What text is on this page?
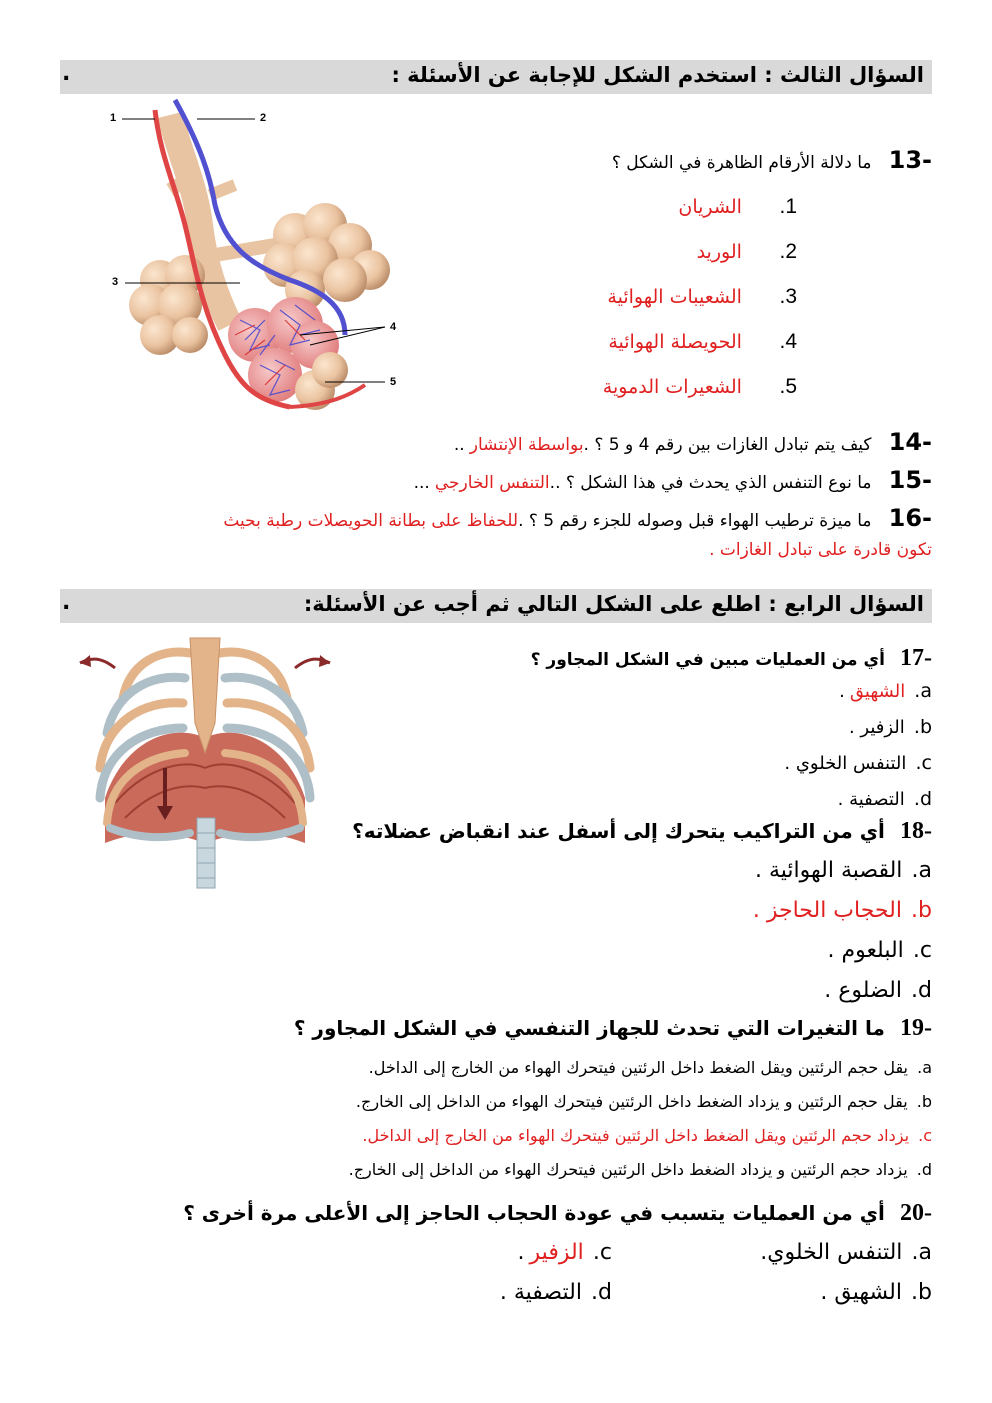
.	السؤال الثالث : استخدم الشكل للإجابة عن الأسئلة :
1	2
3
4
5
-13 ما دلالة الأرقام الظاهرة في الشكل ؟
1. الشريان
2. الوريد
3. الشعيبات الهوائية
4. الحويصلة الهوائية
5. الشعيرات الدموية
-14 كيف يتم تبادل الغازات بين رقم 4 و 5 ؟ .بواسطة الإنتشار ..
-15 ما نوع التنفس الذي يحدث في هذا الشكل ؟ ..التنفس الخارجي ...
-16 ما ميزة ترطيب الهواء قبل وصوله للجزء رقم 5 ؟ .للحفاظ على بطانة الحويصلات رطبة بحيث
تكون قادرة على تبادل الغازات .
.	السؤال الرابع : اطلع على الشكل التالي ثم أجب عن الأسئلة:
-17 أي من العمليات مبين في الشكل المجاور ؟
a. الشهيق .
b. الزفير .
c. التنفس الخلوي .
d. التصفية .
-18 أي من التراكيب يتحرك إلى أسفل عند انقباض عضلاته؟
a. القصبة الهوائية .
b. الحجاب الحاجز .
c. البلعوم .
d. الضلوع .
-19 ما التغيرات التي تحدث للجهاز التنفسي في الشكل المجاور ؟
a. يقل حجم الرئتين ويقل الضغط داخل الرئتين فيتحرك الهواء من الخارج إلى الداخل.
b. يقل حجم الرئتين و يزداد الضغط داخل الرئتين فيتحرك الهواء من الداخل إلى الخارج.
c. يزداد حجم الرئتين ويقل الضغط داخل الرئتين فيتحرك الهواء من الخارج إلى الداخل.
d. يزداد حجم الرئتين و يزداد الضغط داخل الرئتين فيتحرك الهواء من الداخل إلى الخارج.
-20 أي من العمليات يتسبب في عودة الحجاب الحاجز إلى الأعلى مرة أخرى ؟
a. التنفس الخلوي.
c. الزفير .
b. الشهيق .
d. التصفية .
